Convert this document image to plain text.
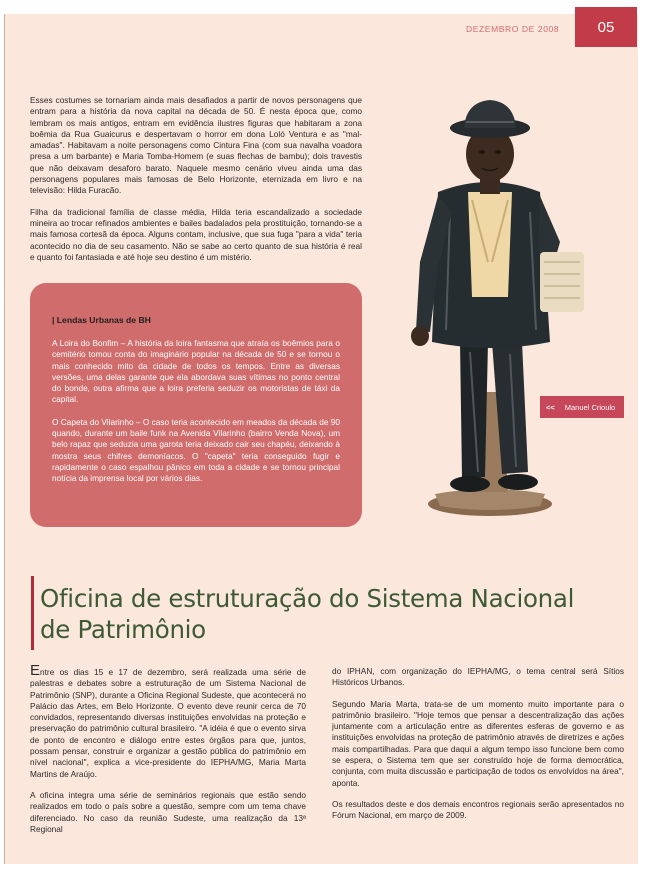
DEZEMBRO DE 2008	05

Esses costumes se tornariam ainda mais desafiados a partir de novos personagens que entram para a história da nova capital na década de 50. É nesta época que, como lembram os mais antigos, entram em evidência ilustres figuras que habitaram a zona boêmia da Rua Guaicurus e despertavam o horror em dona Loló Ventura e as "mal-amadas". Habitavam a noite personagens como Cintura Fina (com sua navalha voadora presa a um barbante) e Maria Tomba-Homem (e suas flechas de bambu); dois travestis que não deixavam desaforo barato. Naquele mesmo cenário viveu ainda uma das personagens populares mais famosas de Belo Horizonte, eternizada em livro e na televisão: Hilda Furacão.

Filha da tradicional família de classe média, Hilda teria escandalizado a sociedade mineira ao trocar refinados ambientes e bailes badalados pela prostituição, tornando-se a mais famosa cortesã da época. Alguns contam, inclusive, que sua fuga "para a vida" teria acontecido no dia de seu casamento. Não se sabe ao certo quanto de sua história é real e quanto foi fantasiada e até hoje seu destino é um mistério.

| Lendas Urbanas de BH

A Loira do Bonfim – A história da loira fantasma que atraía os boêmios para o cemitério tomou conta do imaginário popular na década de 50 e se tornou o mais conhecido mito da cidade de todos os tempos. Entre as diversas versões, uma delas garante que ela abordava suas vítimas no ponto central do bonde, outra afirma que a loira preferia seduzir os motoristas de táxi da capital.

O Capeta do Vilarinho – O caso teria acontecido em meados da década de 90 quando, durante um baile funk na Avenida Vilarinho (bairro Venda Nova), um belo rapaz que seduzia uma garota teria deixado cair seu chapéu, deixando à mostra seus chifres demoníacos. O "capeta" teria conseguido fugir e rapidamente o caso espalhou pânico em toda a cidade e se tornou principal notícia da imprensa local por vários dias.

<< Manuel Crioulo
Oficina de estruturação do Sistema Nacional de Patrimônio

Entre os dias 15 e 17 de dezembro, será realizada uma série de palestras e debates sobre a estruturação de um Sistema Nacional de Patrimônio (SNP), durante a Oficina Regional Sudeste, que acontecerá no Palácio das Artes, em Belo Horizonte. O evento deve reunir cerca de 70 convidados, representando diversas instituições envolvidas na proteção e preservação do patrimônio cultural brasileiro. "A idéia é que o evento sirva de ponto de encontro e diálogo entre estes órgãos para que, juntos, possam pensar, construir e organizar a gestão pública do patrimônio em nível nacional", explica a vice-presidente do IEPHA/MG, Maria Marta Martins de Araújo.

A oficina integra uma série de seminários regionais que estão sendo realizados em todo o país sobre a questão, sempre com um tema chave diferenciado. No caso da reunião Sudeste, uma realização da 13ª Regional

do IPHAN, com organização do IEPHA/MG, o tema central será Sítios Históricos Urbanos.

Segundo Maria Marta, trata-se de um momento muito importante para o patrimônio brasileiro. "Hoje temos que pensar a descentralização das ações juntamente com a articulação entre as diferentes esferas de governo e as instituições envolvidas na proteção de patrimônio através de diretrizes e ações mais compartilhadas. Para que daqui a algum tempo isso funcione bem como se espera, o Sistema tem que ser construído hoje de forma democrática, conjunta, com muita discussão e participação de todos os envolvidos na área", aponta.

Os resultados deste e dos demais encontros regionais serão apresentados no Fórum Nacional, em março de 2009.
